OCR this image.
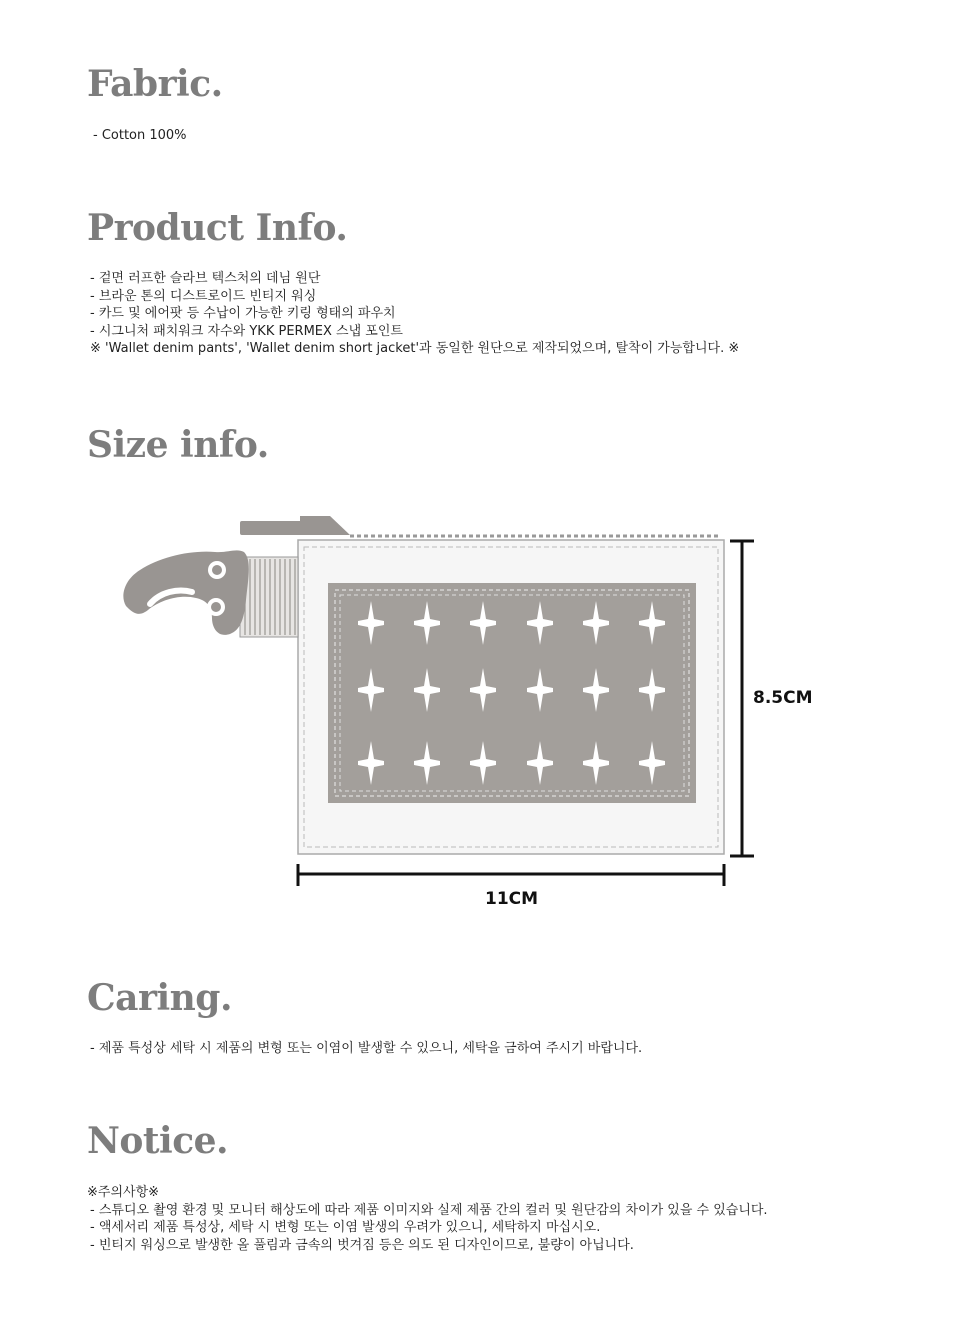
Fabric.
- Cotton 100%
Product Info.
- 겉면 러프한 슬라브 텍스처의 데님 원단
- 브라운 톤의 디스트로이드 빈티지 워싱
- 카드 및 에어팟 등 수납이 가능한 키링 형태의 파우치
- 시그니처 패치워크 자수와 YKK PERMEX 스냅 포인트
※ 'Wallet denim pants', 'Wallet denim short jacket'과 동일한 원단으로 제작되었으며, 탈착이 가능합니다. ※
Size info.
8.5CM
11CM
Caring.
- 제품 특성상 세탁 시 제품의 변형 또는 이염이 발생할 수 있으니, 세탁을 금하여 주시기 바랍니다.
Notice.
※주의사항※
- 스튜디오 촬영 환경 및 모니터 해상도에 따라 제품 이미지와 실제 제품 간의 컬러 및 원단감의 차이가 있을 수 있습니다.
- 액세서리 제품 특성상, 세탁 시 변형 또는 이염 발생의 우려가 있으니, 세탁하지 마십시오.
- 빈티지 워싱으로 발생한 올 풀림과 금속의 벗겨짐 등은 의도 된 디자인이므로, 불량이 아닙니다.
